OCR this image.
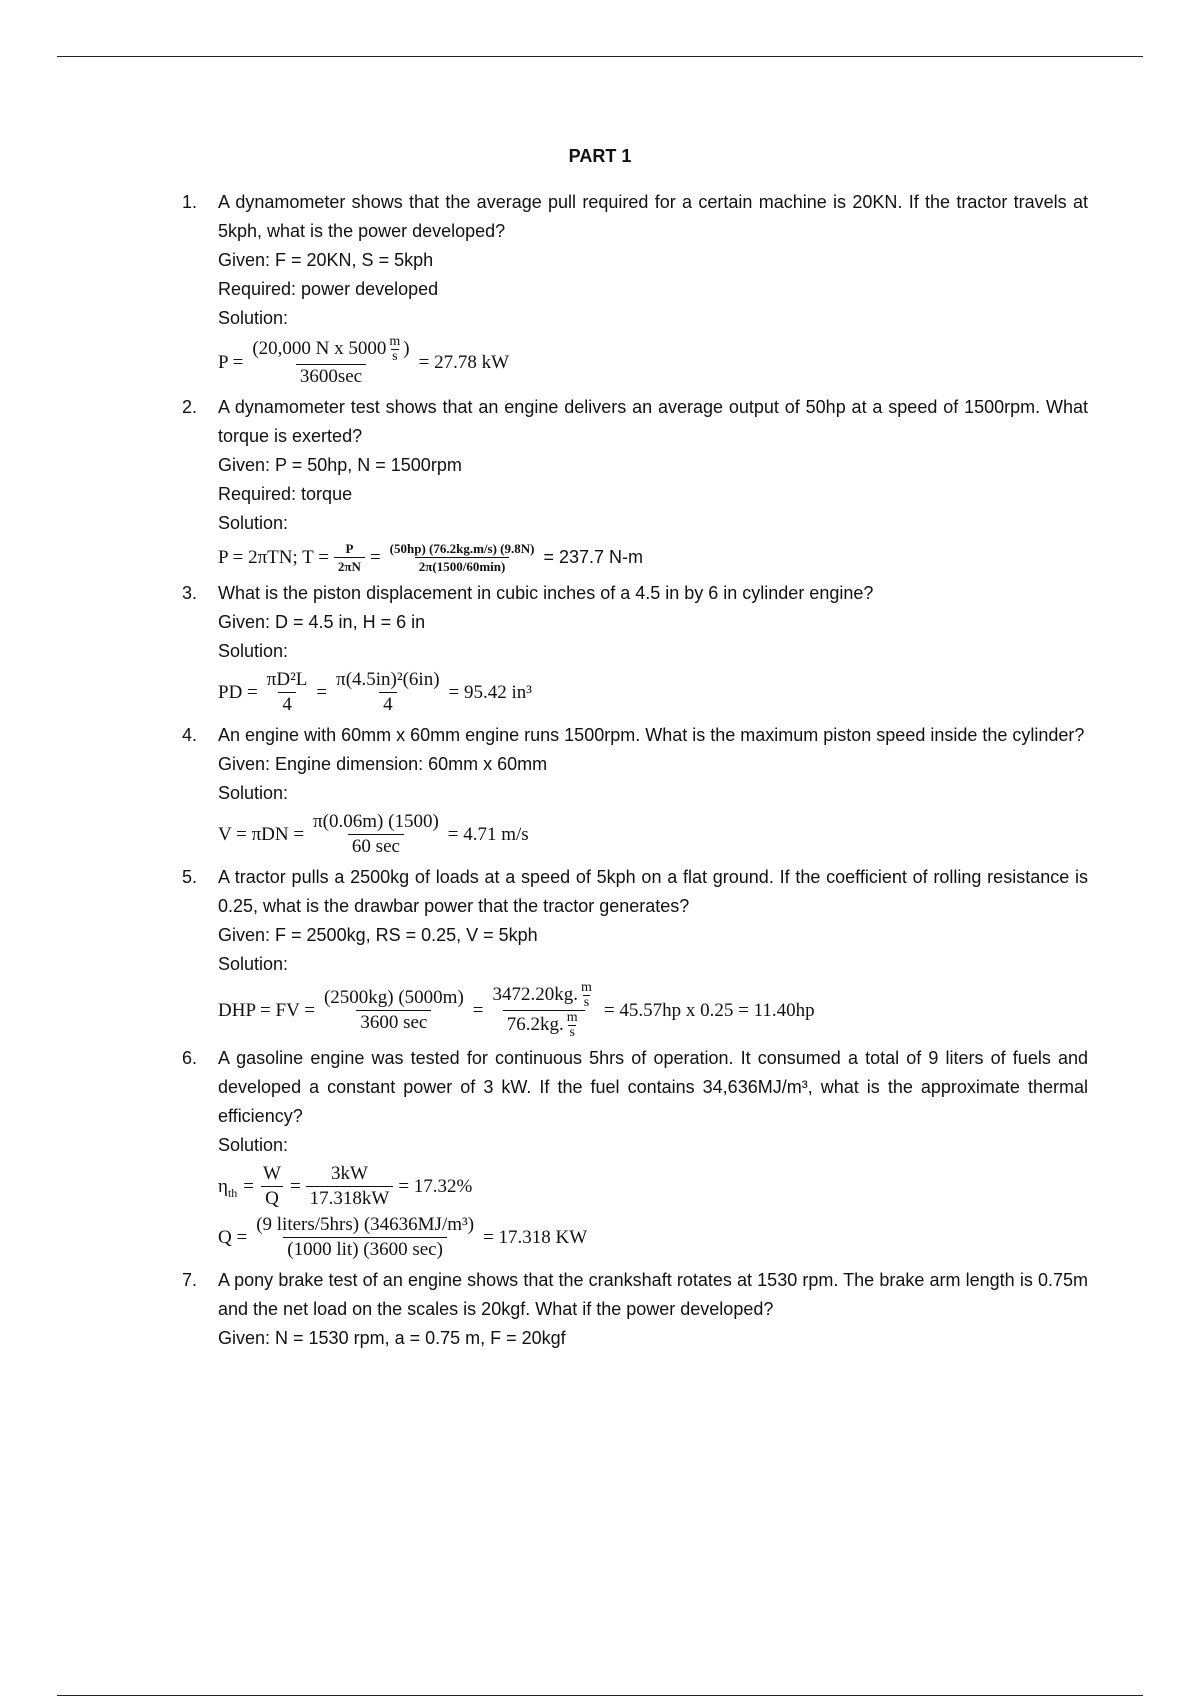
PART 1
1. A dynamometer shows that the average pull required for a certain machine is 20KN. If the tractor travels at 5kph, what is the power developed?
Given: F = 20KN, S = 5kph
Required: power developed
Solution:
$P = \frac{(20,000 N x 5000 \frac{m}{s} )}{3600\sec} = 27.78$ kW
2. A dynamometer test shows that an engine delivers an average output of 50hp at a speed of 1500rpm. What torque is exerted?
Given: P = 50hp, N = 1500rpm
Required: torque
Solution:
P = 2πTN; $T = \frac{P}{2\pi N} = \frac{(50hp) (76.2kg.m/s) (9.8N)}{2\pi(1500/60\min)} = 237.7$ N-m
3. What is the piston displacement in cubic inches of a 4.5 in by 6 in cylinder engine?
Given: D = 4.5 in, H = 6 in
Solution:
PD = $\frac{\text{πD²L}}{4} = \frac{\text{π(4.5in)²(6in)}}{4} = 95.42$ in³
4. An engine with 60mm x 60mm engine runs 1500rpm. What is the maximum piston speed inside the cylinder?
Given: Engine dimension: 60mm x 60mm
Solution:
$V = \pi DN = \frac{\pi(0.06m) (1500)}{60 \sec} = 4.71$ m/s
5. A tractor pulls a 2500kg of loads at a speed of 5kph on a flat ground. If the coefficient of rolling resistance is 0.25, what is the drawbar power that the tractor generates?
Given: F = 2500kg, RS = 0.25, V = 5kph
Solution:
DHP = FV = $\frac{(2500kg) (5000m)}{3600 \sec} = \frac{3472.20kg. \frac{m}{s}}{76.2kg. \frac{m}{s}} = 45.57hp$ x 0.25 = 11.40hp
6. A gasoline engine was tested for continuous 5hrs of operation. It consumed a total of 9 liters of fuels and developed a constant power of 3 kW. If the fuel contains 34,636MJ/m³, what is the approximate thermal efficiency?
Solution:
$\eta_{th} = \frac{W}{Q} = \frac{3kW}{17.318kW} = 17.32\%$
$Q = \frac{\text{(9 liters/5hrs) (34636MJ/m³)}}{\text{(1000 lit) (3600 sec)}} = 17.318$ KW
7. A pony brake test of an engine shows that the crankshaft rotates at 1530 rpm. The brake arm length is 0.75m and the net load on the scales is 20kgf. What if the power developed?
Given: N = 1530 rpm, a = 0.75 m, F = 20kgf
